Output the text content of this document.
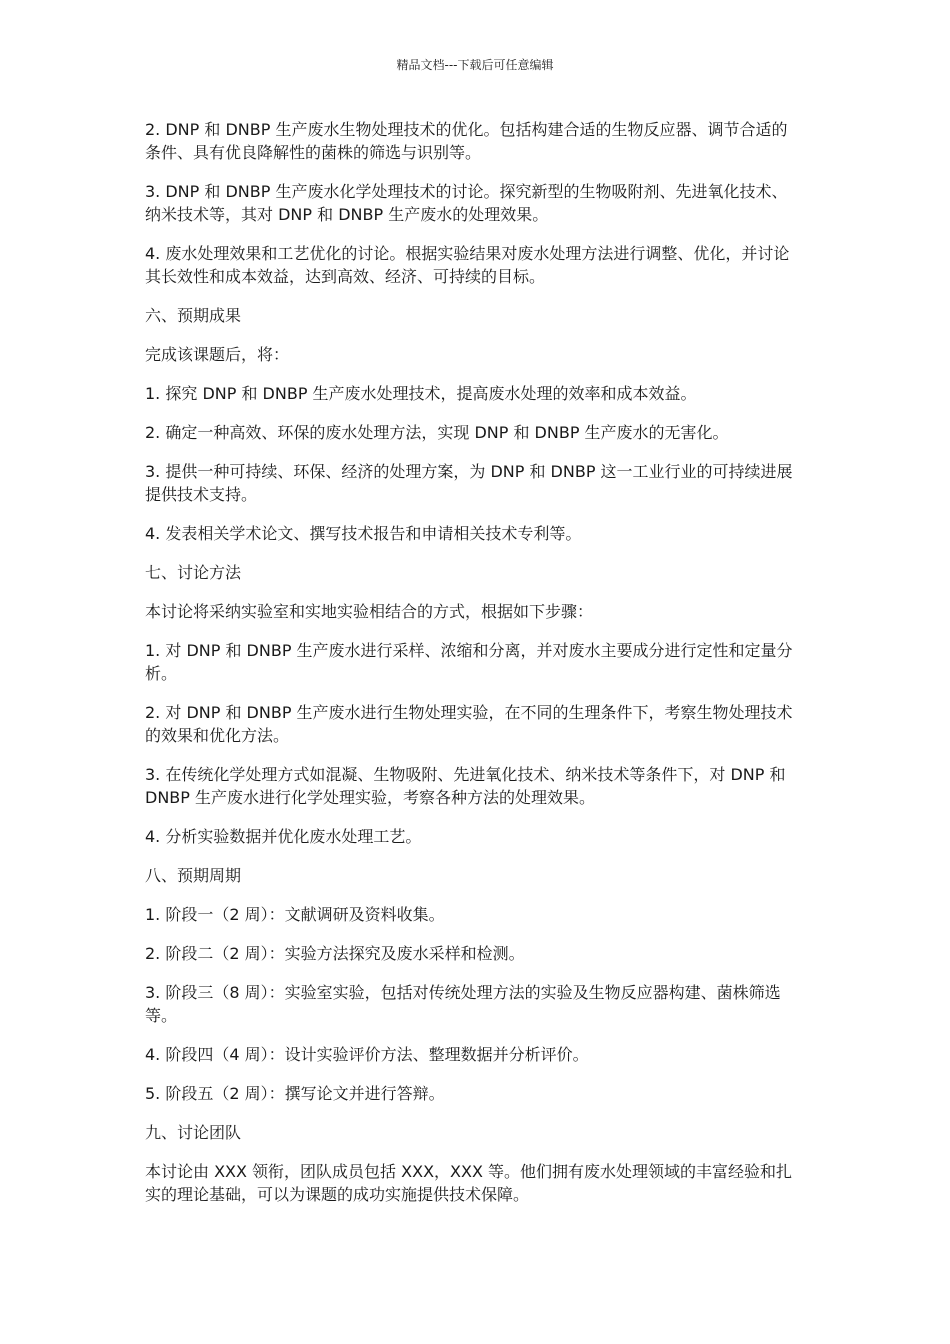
精品文档---下载后可任意编辑

2. DNP 和 DNBP 生产废水生物处理技术的优化。包括构建合适的生物反应器、调节合适的条件、具有优良降解性的菌株的筛选与识别等。

3. DNP 和 DNBP 生产废水化学处理技术的讨论。探究新型的生物吸附剂、先进氧化技术、纳米技术等，其对 DNP 和 DNBP 生产废水的处理效果。

4. 废水处理效果和工艺优化的讨论。根据实验结果对废水处理方法进行调整、优化，并讨论其长效性和成本效益，达到高效、经济、可持续的目标。

六、预期成果

完成该课题后，将：

1. 探究 DNP 和 DNBP 生产废水处理技术，提高废水处理的效率和成本效益。

2. 确定一种高效、环保的废水处理方法，实现 DNP 和 DNBP 生产废水的无害化。

3. 提供一种可持续、环保、经济的处理方案，为 DNP 和 DNBP 这一工业行业的可持续进展提供技术支持。

4. 发表相关学术论文、撰写技术报告和申请相关技术专利等。

七、讨论方法

本讨论将采纳实验室和实地实验相结合的方式，根据如下步骤：

1. 对 DNP 和 DNBP 生产废水进行采样、浓缩和分离，并对废水主要成分进行定性和定量分析。

2. 对 DNP 和 DNBP 生产废水进行生物处理实验，在不同的生理条件下，考察生物处理技术的效果和优化方法。

3. 在传统化学处理方式如混凝、生物吸附、先进氧化技术、纳米技术等条件下，对 DNP 和 DNBP 生产废水进行化学处理实验，考察各种方法的处理效果。

4. 分析实验数据并优化废水处理工艺。

八、预期周期

1. 阶段一（2 周）：文献调研及资料收集。

2. 阶段二（2 周）：实验方法探究及废水采样和检测。

3. 阶段三（8 周）：实验室实验，包括对传统处理方法的实验及生物反应器构建、菌株筛选等。

4. 阶段四（4 周）：设计实验评价方法、整理数据并分析评价。

5. 阶段五（2 周）：撰写论文并进行答辩。

九、讨论团队

本讨论由 XXX 领衔，团队成员包括 XXX，XXX 等。他们拥有废水处理领域的丰富经验和扎实的理论基础，可以为课题的成功实施提供技术保障。
